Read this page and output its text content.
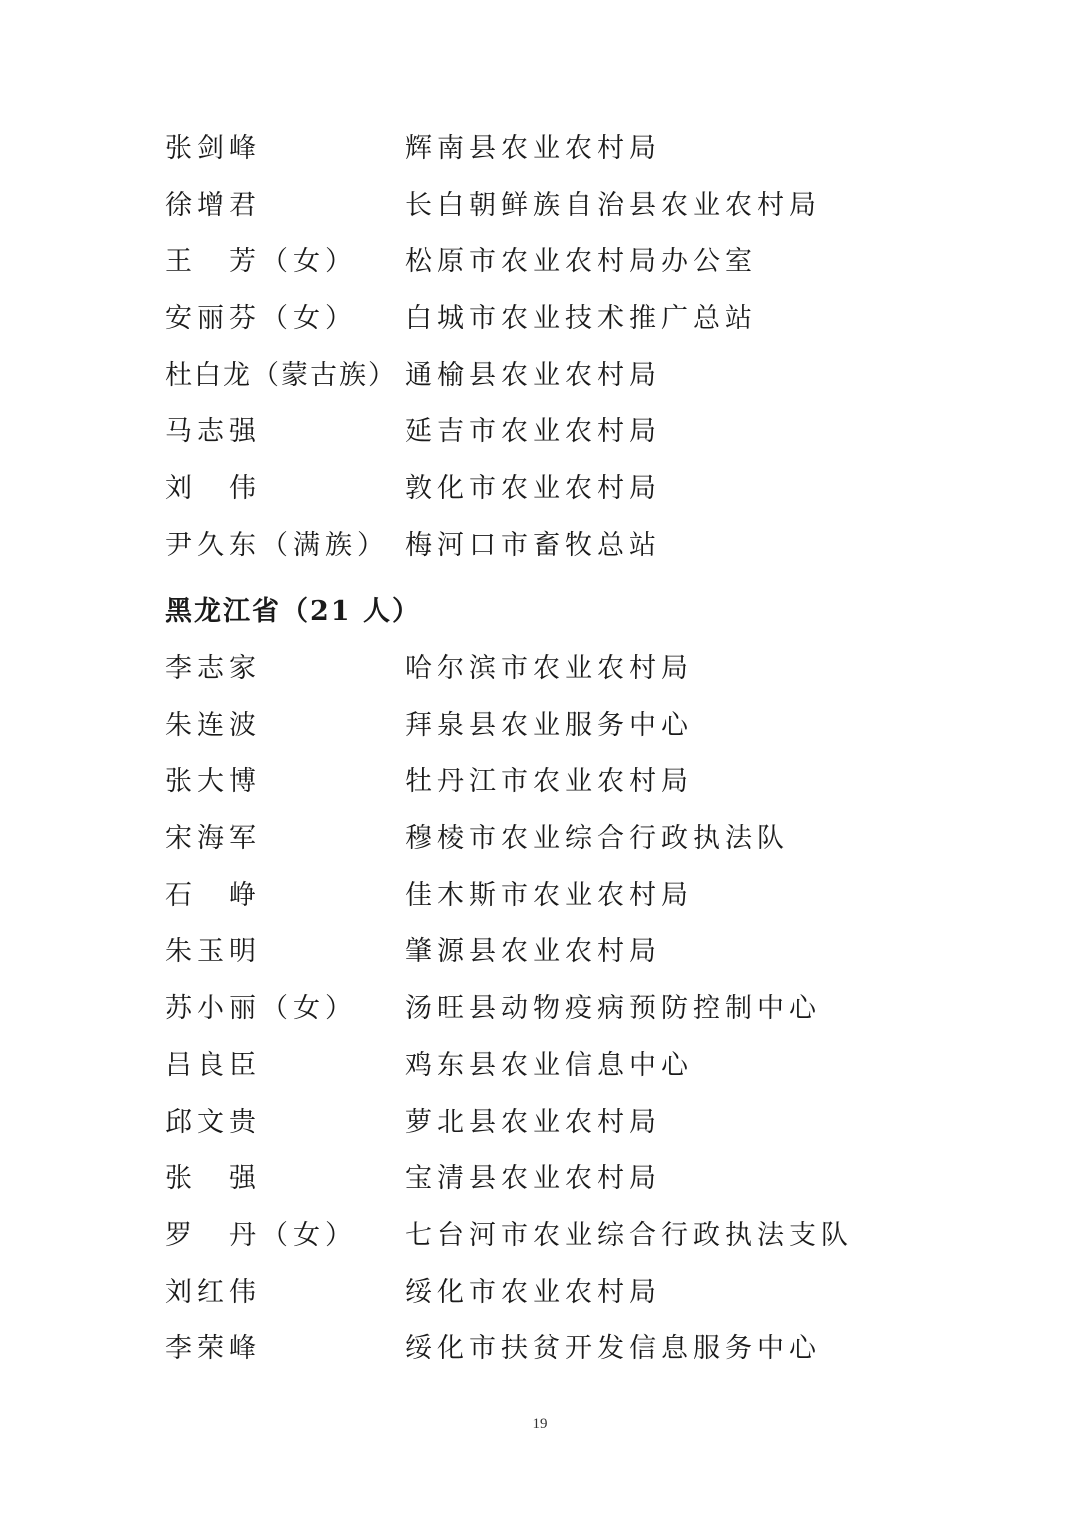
张剑峰	辉南县农业农村局
徐增君	长白朝鲜族自治县农业农村局
王　芳（女） 松原市农业农村局办公室
安丽芬（女） 白城市农业技术推广总站
杜白龙（蒙古族） 通榆县农业农村局
马志强	延吉市农业农村局
刘　伟	敦化市农业农村局
尹久东（满族） 梅河口市畜牧总站
黑龙江省（21 人）
李志家	哈尔滨市农业农村局
朱连波	拜泉县农业服务中心
张大博	牡丹江市农业农村局
宋海军	穆棱市农业综合行政执法队
石　峥	佳木斯市农业农村局
朱玉明	肇源县农业农村局
苏小丽（女） 汤旺县动物疫病预防控制中心
吕良臣	鸡东县农业信息中心
邱文贵	萝北县农业农村局
张　强	宝清县农业农村局
罗　丹（女） 七台河市农业综合行政执法支队
刘红伟	绥化市农业农村局
李荣峰	绥化市扶贫开发信息服务中心
19
